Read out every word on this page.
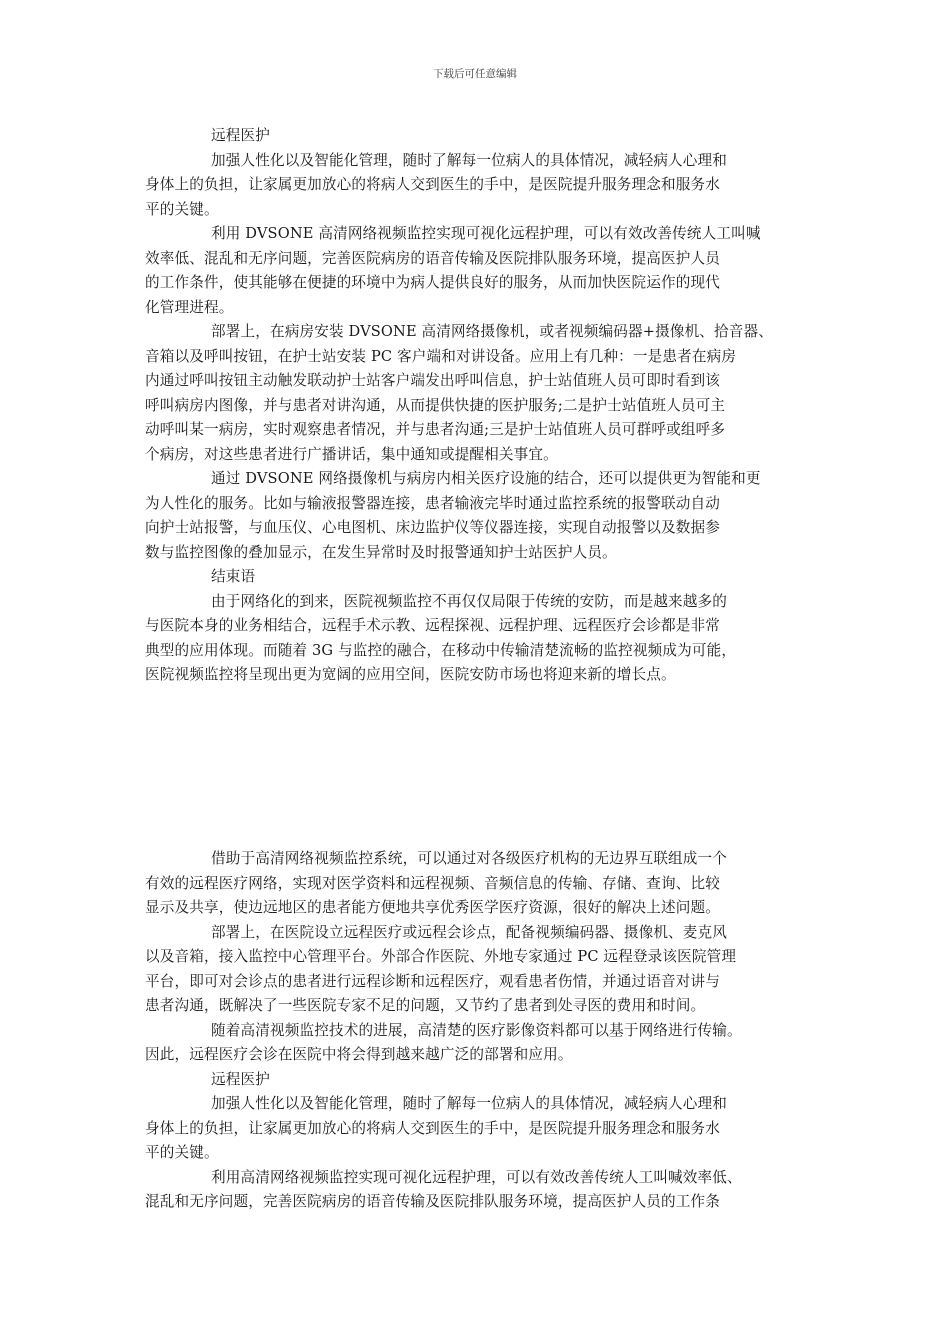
下载后可任意编辑
远程医护
加强人性化以及智能化管理，随时了解每一位病人的具体情况，减轻病人心理和
身体上的负担，让家属更加放心的将病人交到医生的手中，是医院提升服务理念和服务水
平的关键。
利用 DVSONE 高清网络视频监控实现可视化远程护理，可以有效改善传统人工叫喊
效率低、混乱和无序问题，完善医院病房的语音传输及医院排队服务环境，提高医护人员
的工作条件，使其能够在便捷的环境中为病人提供良好的服务，从而加快医院运作的现代
化管理进程。
部署上，在病房安装 DVSONE 高清网络摄像机，或者视频编码器+摄像机、拾音器、
音箱以及呼叫按钮，在护士站安装 PC 客户端和对讲设备。应用上有几种：一是患者在病房
内通过呼叫按钮主动触发联动护士站客户端发出呼叫信息，护士站值班人员可即时看到该
呼叫病房内图像，并与患者对讲沟通，从而提供快捷的医护服务;二是护士站值班人员可主
动呼叫某一病房，实时观察患者情况，并与患者沟通;三是护士站值班人员可群呼或组呼多
个病房，对这些患者进行广播讲话，集中通知或提醒相关事宜。
通过 DVSONE 网络摄像机与病房内相关医疗设施的结合，还可以提供更为智能和更
为人性化的服务。比如与输液报警器连接，患者输液完毕时通过监控系统的报警联动自动
向护士站报警，与血压仪、心电图机、床边监护仪等仪器连接，实现自动报警以及数据参
数与监控图像的叠加显示，在发生异常时及时报警通知护士站医护人员。
结束语
由于网络化的到来，医院视频监控不再仅仅局限于传统的安防，而是越来越多的
与医院本身的业务相结合，远程手术示教、远程探视、远程护理、远程医疗会诊都是非常
典型的应用体现。而随着 3G 与监控的融合，在移动中传输清楚流畅的监控视频成为可能，
医院视频监控将呈现出更为宽阔的应用空间，医院安防市场也将迎来新的增长点。
借助于高清网络视频监控系统，可以通过对各级医疗机构的无边界互联组成一个
有效的远程医疗网络，实现对医学资料和远程视频、音频信息的传输、存储、查询、比较
显示及共享，使边远地区的患者能方便地共享优秀医学医疗资源，很好的解决上述问题。
部署上，在医院设立远程医疗或远程会诊点，配备视频编码器、摄像机、麦克风
以及音箱，接入监控中心管理平台。外部合作医院、外地专家通过 PC 远程登录该医院管理
平台，即可对会诊点的患者进行远程诊断和远程医疗，观看患者伤情，并通过语音对讲与
患者沟通，既解决了一些医院专家不足的问题，又节约了患者到处寻医的费用和时间。
随着高清视频监控技术的进展，高清楚的医疗影像资料都可以基于网络进行传输。
因此，远程医疗会诊在医院中将会得到越来越广泛的部署和应用。
远程医护
加强人性化以及智能化管理，随时了解每一位病人的具体情况，减轻病人心理和
身体上的负担，让家属更加放心的将病人交到医生的手中，是医院提升服务理念和服务水
平的关键。
利用高清网络视频监控实现可视化远程护理，可以有效改善传统人工叫喊效率低、
混乱和无序问题，完善医院病房的语音传输及医院排队服务环境，提高医护人员的工作条
